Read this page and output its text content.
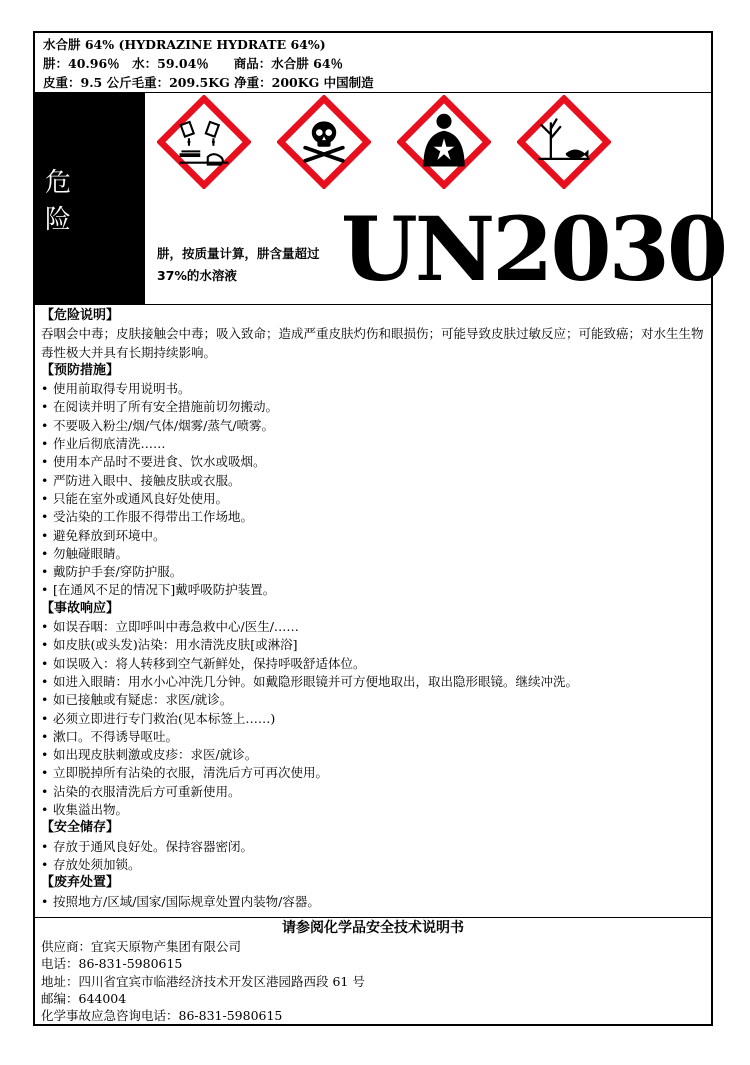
水合肼 64% (HYDRAZINE HYDRATE 64%)
肼：40.96％　水：59.04％　　商品：水合肼 64％
皮重：9.5 公斤毛重：209.5KG 净重：200KG 中国制造
危 险	UN2030
肼，按质量计算，肼含量超过 37%的水溶液
【危险说明】
吞咽会中毒；皮肤接触会中毒；吸入致命；造成严重皮肤灼伤和眼损伤；可能导致皮肤过敏反应；可能致癌；对水生生物毒性极大并具有长期持续影响。
【预防措施】
• 使用前取得专用说明书。
• 在阅读并明了所有安全措施前切勿搬动。
• 不要吸入粉尘/烟/气体/烟雾/蒸气/喷雾。
• 作业后彻底清洗……
• 使用本产品时不要进食、饮水或吸烟。
• 严防进入眼中、接触皮肤或衣服。
• 只能在室外或通风良好处使用。
• 受沾染的工作服不得带出工作场地。
• 避免释放到环境中。
• 勿触碰眼睛。
• 戴防护手套/穿防护服。
• [在通风不足的情况下]戴呼吸防护装置。
【事故响应】
• 如误吞咽：立即呼叫中毒急救中心/医生/……
• 如皮肤(或头发)沾染：用水清洗皮肤[或淋浴]
• 如误吸入：将人转移到空气新鲜处，保持呼吸舒适体位。
• 如进入眼睛：用水小心冲洗几分钟。如戴隐形眼镜并可方便地取出，取出隐形眼镜。继续冲洗。
• 如已接触或有疑虑：求医/就诊。
• 必须立即进行专门救治(见本标签上……)
• 漱口。不得诱导呕吐。
• 如出现皮肤刺激或皮疹：求医/就诊。
• 立即脱掉所有沾染的衣服，清洗后方可再次使用。
• 沾染的衣服清洗后方可重新使用。
• 收集溢出物。
【安全储存】
• 存放于通风良好处。保持容器密闭。
• 存放处须加锁。
【废弃处置】
• 按照地方/区域/国家/国际规章处置内装物/容器。
请参阅化学品安全技术说明书
供应商：宜宾天原物产集团有限公司
电话：86-831-5980615
地址：四川省宜宾市临港经济技术开发区港园路西段 61 号
邮编：644004
化学事故应急咨询电话：86-831-5980615
